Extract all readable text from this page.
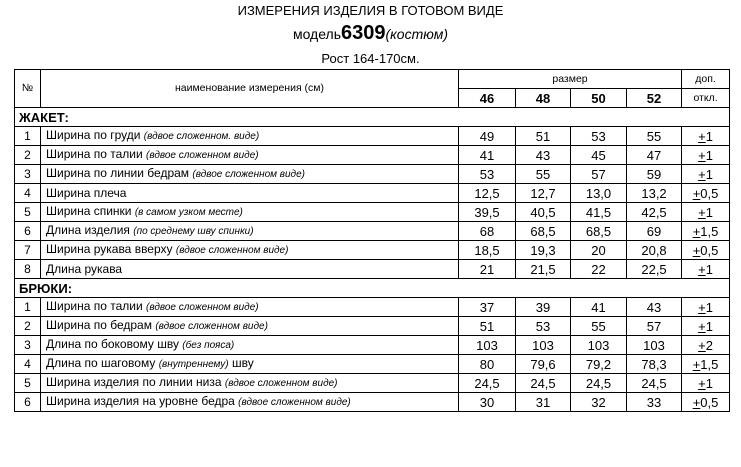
ИЗМЕРЕНИЯ ИЗДЕЛИЯ В ГОТОВОМ ВИДЕ
модель6309(костюм)
Рост 164-170см.
№	наименование измерения (см)	размер				доп.
		46	48	50	52	откл.
ЖАКЕТ:						
1	Ширина по груди (вдвое сложенном. виде)	49	51	53	55	+1
2	Ширина по талии (вдвое сложенном виде)	41	43	45	47	+1
3	Ширина по линии бедрам (вдвое сложенном виде)	53	55	57	59	+1
4	Ширина плеча	12,5	12,7	13,0	13,2	+0,5
5	Ширина спинки (в самом узком месте)	39,5	40,5	41,5	42,5	+1
6	Длина изделия (по среднему шву спинки)	68	68,5	68,5	69	+1,5
7	Ширина рукава вверху (вдвое сложенном виде)	18,5	19,3	20	20,8	+0,5
8	Длина рукава	21	21,5	22	22,5	+1
БРЮКИ:						
1	Ширина по талии (вдвое сложенном виде)	37	39	41	43	+1
2	Ширина по бедрам (вдвое сложенном виде)	51	53	55	57	+1
3	Длина по боковому шву (без пояса)	103	103	103	103	+2
4	Длина по шаговому (внутреннему) шву	80	79,6	79,2	78,3	+1,5
5	Ширина изделия по линии низа (вдвое сложенном виде)	24,5	24,5	24,5	24,5	+1
6	Ширина изделия на уровне бедра (вдвое сложенном виде)	30	31	32	33	+0,5
